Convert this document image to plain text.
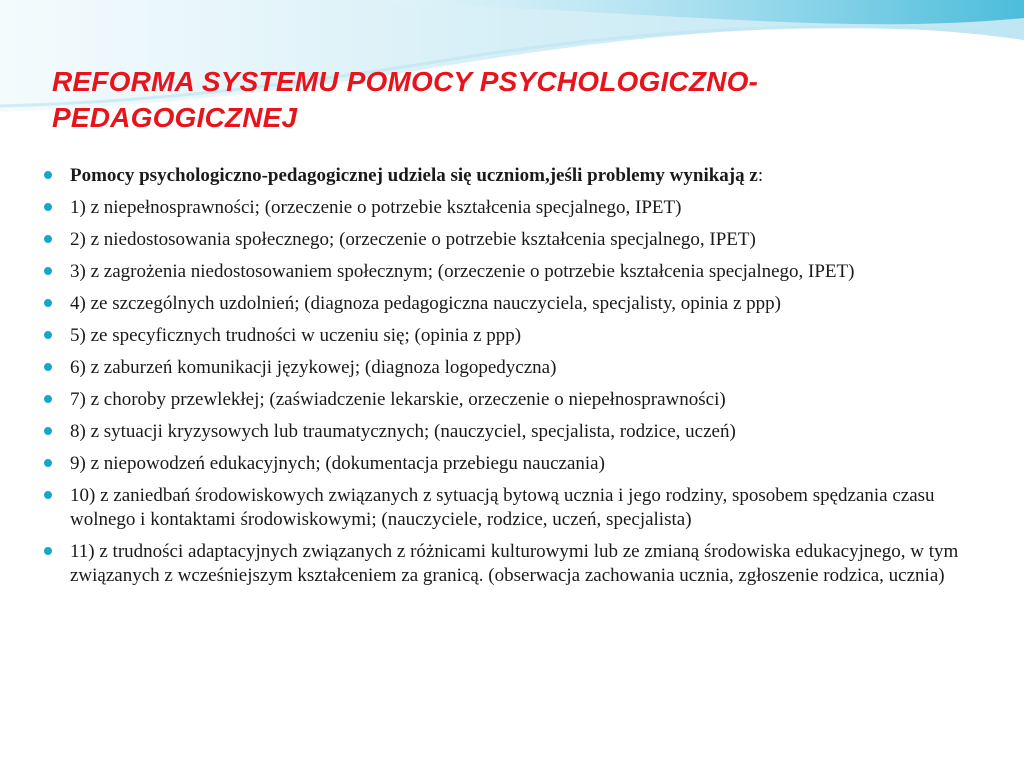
REFORMA SYSTEMU POMOCY PSYCHOLOGICZNO-PEDAGOGICZNEJ
Pomocy psychologiczno-pedagogicznej udziela się uczniom,jeśli problemy wynikają z:
1) z niepełnosprawności; (orzeczenie o potrzebie kształcenia specjalnego, IPET)
2) z niedostosowania społecznego; (orzeczenie o potrzebie kształcenia specjalnego, IPET)
3) z zagrożenia niedostosowaniem społecznym; (orzeczenie o potrzebie kształcenia specjalnego, IPET)
4) ze szczególnych uzdolnień; (diagnoza pedagogiczna nauczyciela, specjalisty, opinia z ppp)
5) ze specyficznych trudności w uczeniu się; (opinia z ppp)
6) z zaburzeń komunikacji językowej; (diagnoza logopedyczna)
7) z choroby przewlekłej; (zaświadczenie lekarskie, orzeczenie o niepełnosprawności)
8) z sytuacji kryzysowych lub traumatycznych; (nauczyciel, specjalista, rodzice, uczeń)
9) z niepowodzeń edukacyjnych; (dokumentacja przebiegu nauczania)
10) z zaniedbań środowiskowych związanych z sytuacją bytową ucznia i jego rodziny, sposobem spędzania czasu wolnego i kontaktami środowiskowymi; (nauczyciele, rodzice, uczeń, specjalista)
11) z trudności adaptacyjnych związanych z różnicami kulturowymi lub ze zmianą środowiska edukacyjnego, w tym związanych z wcześniejszym kształceniem za granicą. (obserwacja zachowania ucznia, zgłoszenie rodzica, ucznia)
